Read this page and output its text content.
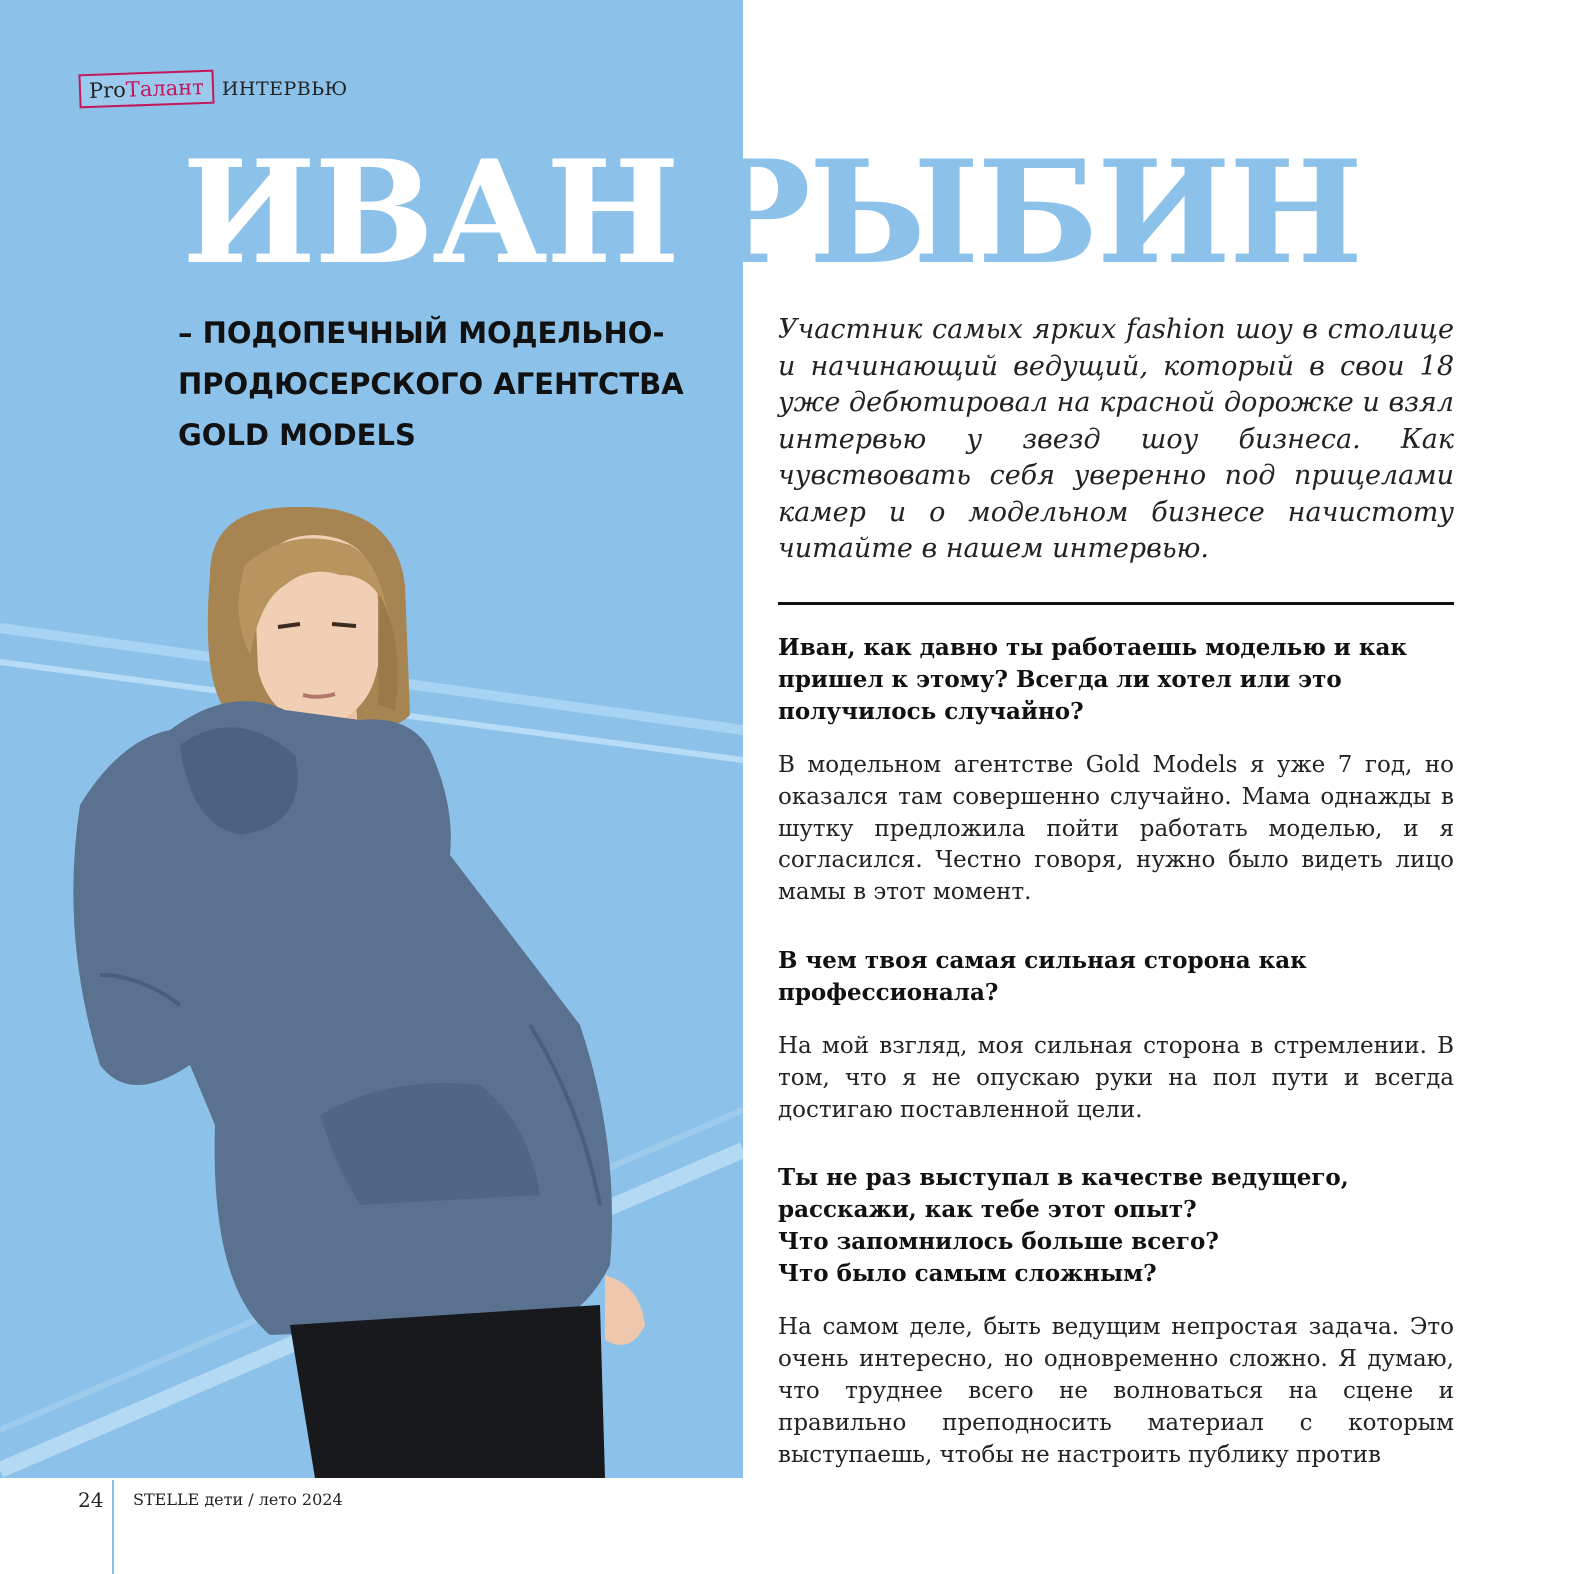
ProТалант ИНТЕРВЬЮ
ИВАН РЫБИН
– ПОДОПЕЧНЫЙ МОДЕЛЬНО-ПРОДЮСЕРСКОГО АГЕНТСТВА GOLD MODELS
Участник самых ярких fashion шоу в столице и начинающий ведущий, который в свои 18 уже дебютировал на красной дорожке и взял интервью у звезд шоу бизнеса. Как чувствовать себя уверенно под прицелами камер и о модельном бизнесе начистоту читайте в нашем интервью.

Иван, как давно ты работаешь моделью и как пришел к этому? Всегда ли хотел или это получилось случайно?

В модельном агентстве Gold Models я уже 7 год, но оказался там совершенно случайно. Мама однажды в шутку предложила пойти работать моделью, и я согласился. Честно говоря, нужно было видеть лицо мамы в этот момент.

В чем твоя самая сильная сторона как профессионала?

На мой взгляд, моя сильная сторона в стремлении. В том, что я не опускаю руки на пол пути и всегда достигаю поставленной цели.

Ты не раз выступал в качестве ведущего, расскажи, как тебе этот опыт?
Что запомнилось больше всего?
Что было самым сложным?

На самом деле, быть ведущим непростая задача. Это очень интересно, но одновременно сложно. Я думаю, что труднее всего не волноваться на сцене и правильно преподносить материал с которым выступаешь, чтобы не настроить публику против

24	STELLE дети / лето 2024
